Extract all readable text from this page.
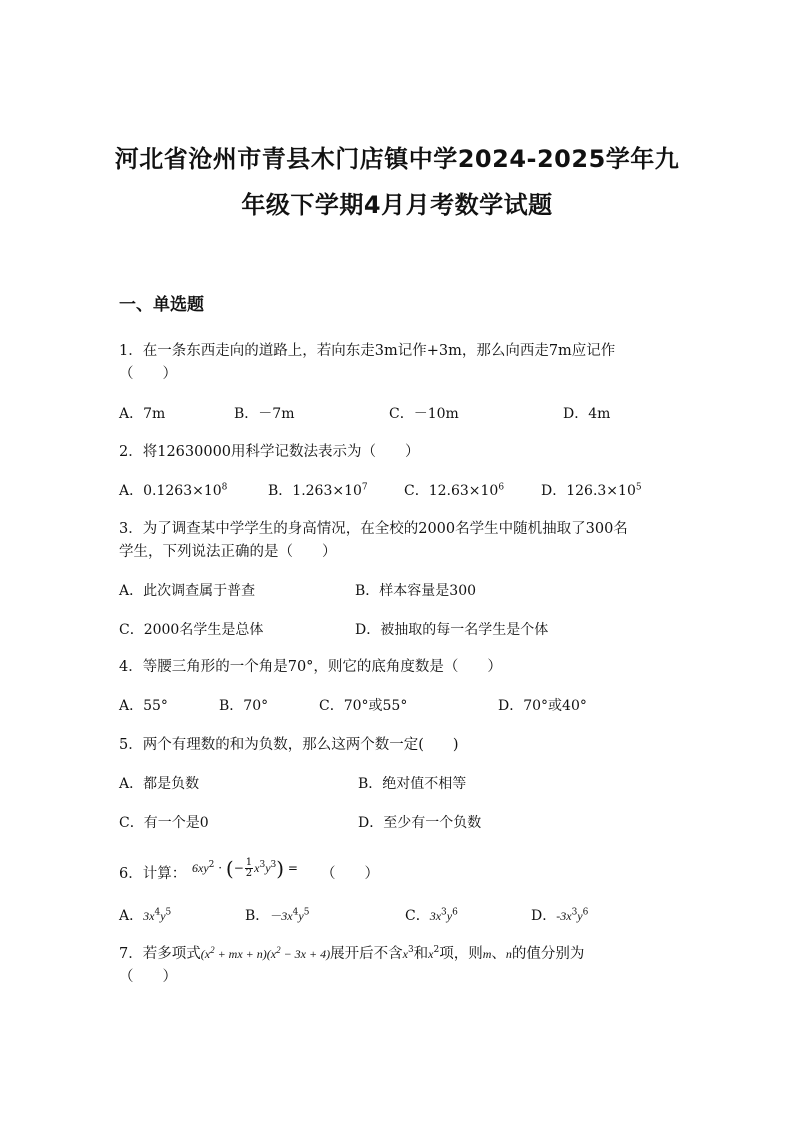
河北省沧州市青县木门店镇中学2024-2025学年九
年级下学期4月月考数学试题
一、单选题
1．在一条东西走向的道路上，若向东走3m记作+3m，那么向西走7m应记作
（　　）
A．7m	B．－7m	C．－10m	D．4m
2．将12630000用科学记数法表示为（　　）
A．$0.1263\times 10^8$	B．$1.263\times 10^7$	C．$12.63\times 10^6$	D．$126.3\times 10^5$
3．为了调查某中学学生的身高情况，在全校的2000名学生中随机抽取了300名
学生，下列说法正确的是（　　）
A．此次调查属于普查	B．样本容量是300
C．2000名学生是总体	D．被抽取的每一名学生是个体
4．等腰三角形的一个角是70°，则它的底角度数是（　　）
A．55°	B．70°	C．70°或55°	D．70°或40°
5．两个有理数的和为负数，那么这两个数一定(　　)
A．都是负数	B．绝对值不相等
C．有一个是0	D．至少有一个负数
6．计算： $6xy^2$ · (− $\frac{1}{2} x^3y^3$) = （　　）
A．$3x^4y^5$	B．$-3x^4y^5$	C．$3x^3y^6$	D．$-3x^3y^6$
7．若多项式($x^2$ + mx + $n)(x^2 - 3x + 4)$展开后不含$x^3$和$x^2$项，则m、n的值分别为
（　　）
